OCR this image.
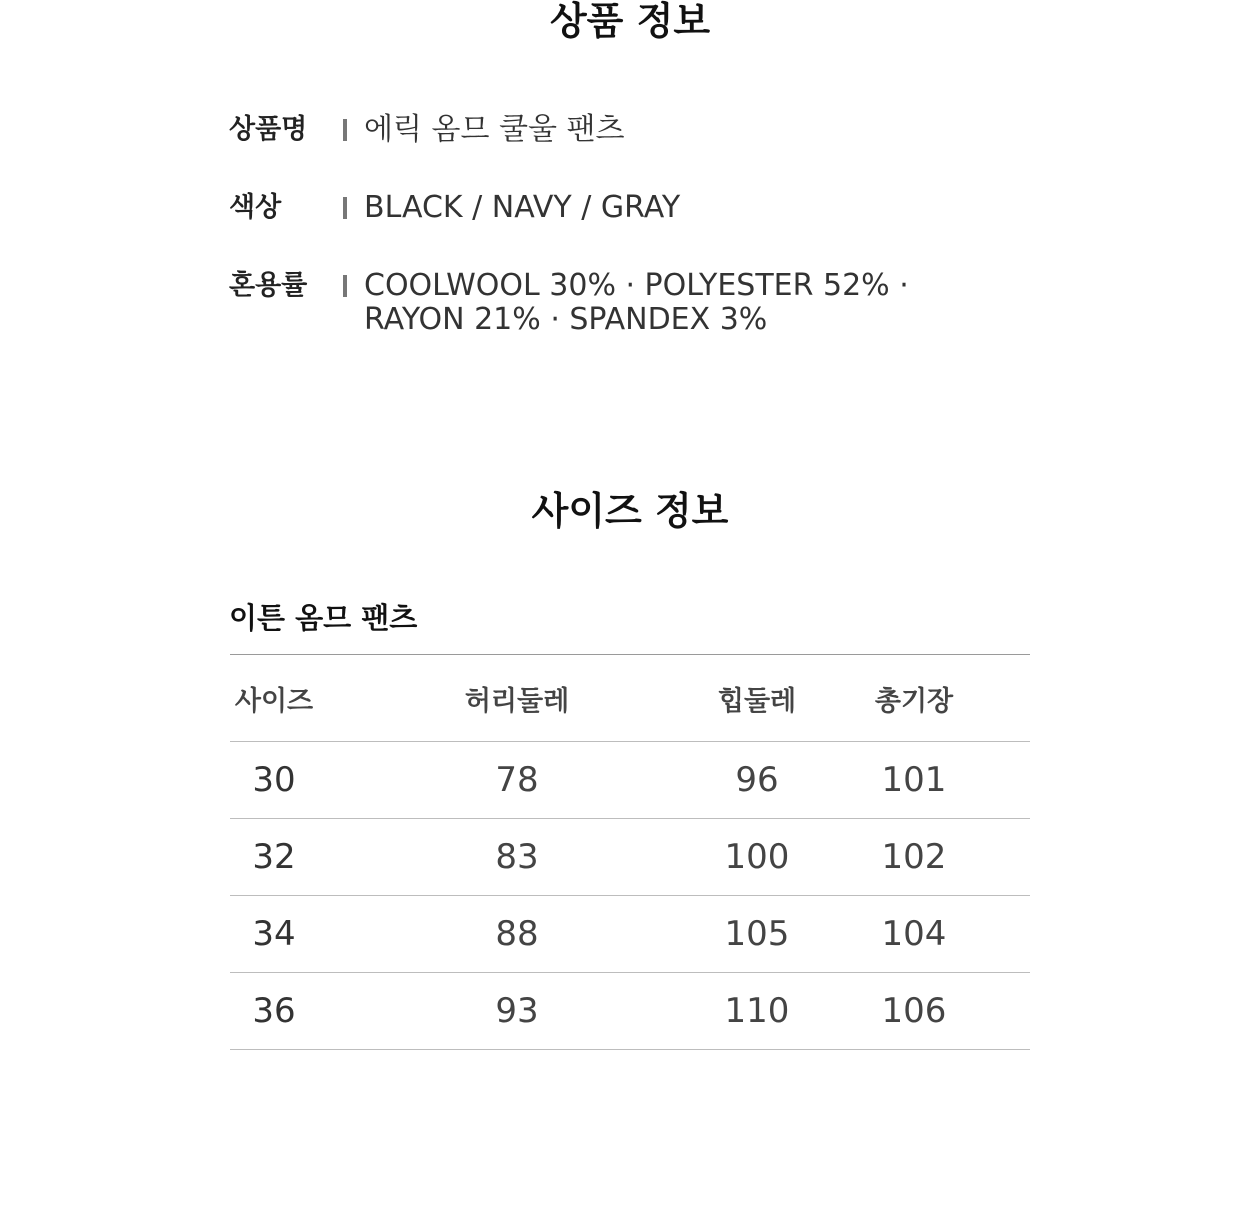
상품 정보
상품명 에릭 옴므 쿨울 팬츠
색상	BLACK / NAVY / GRAY
혼용률 COOLWOOL 30% · POLYESTER 52% · RAYON 21% · SPANDEX 3%
사이즈 정보
이튼 옴므 팬츠
사이즈	허리둘레	힙둘레	총기장
30	78	96	101
32	83	100	102
34	88	105	104
36	93	110	106
